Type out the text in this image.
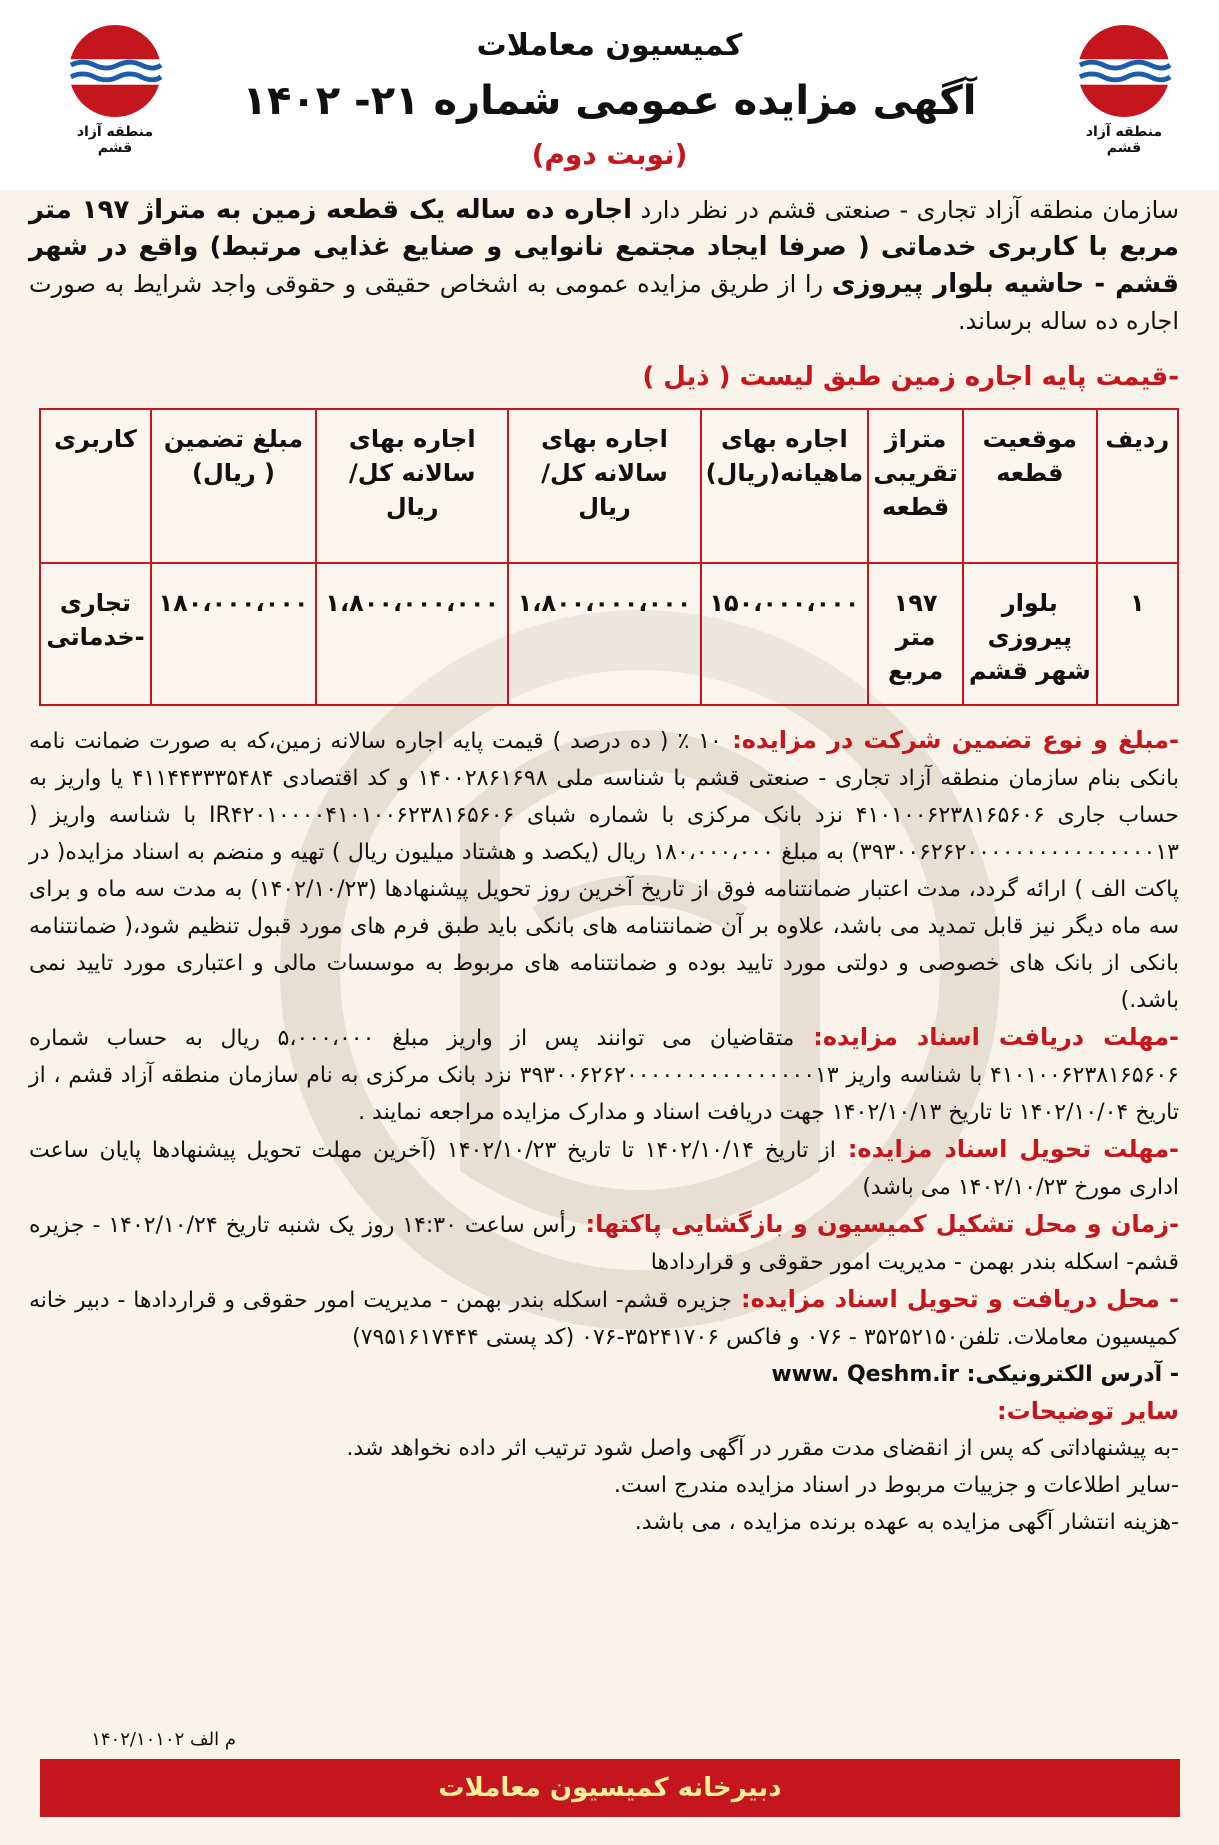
منطقه آزاد قشم
منطقه آزاد قشم
کمیسیون معاملات
آگهی مزایده عمومی شماره ۲۱- ۱۴۰۲
(نوبت دوم)
سازمان منطقه آزاد تجاری - صنعتی قشم در نظر دارد اجاره ده ساله یک قطعه زمین به متراژ ۱۹۷ متر مربع با کاربری خدماتی ( صرفا ایجاد مجتمع نانوایی و صنایع غذایی مرتبط) واقع در شهر قشم - حاشیه بلوار پیروزی را از طریق مزایده عمومی به اشخاص حقیقی و حقوقی واجد شرایط به صورت اجاره ده ساله برساند.
-قیمت پایه اجاره زمین طبق لیست ( ذیل )
ردیف	موقعیت قطعه	متراژ تقریبی قطعه	اجاره بهای ماهیانه(ریال)	اجاره بهای سالانه کل/ ریال	اجاره بهای سالانه کل/ ریال	مبلغ تضمین ( ریال)	کاربری
۱	بلوار پیروزی شهر قشم	۱۹۷ متر مربع	۱۵۰،۰۰۰،۰۰۰	۱،۸۰۰،۰۰۰،۰۰۰	۱،۸۰۰،۰۰۰،۰۰۰	۱۸۰،۰۰۰،۰۰۰	تجاری -خدماتی

-مبلغ و نوع تضمین شرکت در مزایده: ۱۰ ٪ ( ده درصد ) قیمت پایه اجاره سالانه زمین،که به صورت ضمانت نامه بانکی بنام سازمان منطقه آزاد تجاری - صنعتی قشم با شناسه ملی ۱۴۰۰۲۸۶۱۶۹۸ و کد اقتصادی ۴۱۱۴۴۳۳۳۵۴۸۴ یا واریز به حساب جاری ۴۱۰۱۰۰۶۲۳۸۱۶۵۶۰۶ نزد بانک مرکزی با شماره شبای IR۴۲۰۱۰۰۰۰۴۱۰۱۰۰۶۲۳۸۱۶۵۶۰۶ با شناسه واریز ( ۳۹۳۰۰۶۲۶۲۰۰۰۰۰۰۰۰۰۰۰۰۰۰۰۰۱۳) به مبلغ ۱۸۰،۰۰۰،۰۰۰ ریال (یکصد و هشتاد میلیون ریال ) تهیه و منضم به اسناد مزایده( در پاکت الف ) ارائه گردد، مدت اعتبار ضمانتنامه فوق از تاریخ آخرین روز تحویل پیشنهادها (۱۴۰۲/۱۰/۲۳) به مدت سه ماه و برای سه ماه دیگر نیز قابل تمدید می باشد، علاوه بر آن ضمانتنامه های بانکی باید طبق فرم های مورد قبول تنظیم شود،( ضمانتنامه بانکی از بانک های خصوصی و دولتی مورد تایید بوده و ضمانتنامه های مربوط به موسسات مالی و اعتباری مورد تایید نمی باشد.)

-مهلت دریافت اسناد مزایده: متقاضیان می توانند پس از واریز مبلغ ۵،۰۰۰،۰۰۰ ریال به حساب شماره ۴۱۰۱۰۰۶۲۳۸۱۶۵۶۰۶ با شناسه واریز ۳۹۳۰۰۶۲۶۲۰۰۰۰۰۰۰۰۰۰۰۰۰۰۰۰۱۳ نزد بانک مرکزی به نام سازمان منطقه آزاد قشم ، از تاریخ ۱۴۰۲/۱۰/۰۴ تا تاریخ ۱۴۰۲/۱۰/۱۳ جهت دریافت اسناد و مدارک مزایده مراجعه نمایند .

-مهلت تحویل اسناد مزایده: از تاریخ ۱۴۰۲/۱۰/۱۴ تا تاریخ ۱۴۰۲/۱۰/۲۳ (آخرین مهلت تحویل پیشنهادها پایان ساعت اداری مورخ ۱۴۰۲/۱۰/۲۳ می باشد)

-زمان و محل تشکیل کمیسیون و بازگشایی پاکتها: رأس ساعت ۱۴:۳۰ روز یک شنبه تاریخ ۱۴۰۲/۱۰/۲۴ - جزیره قشم- اسکله بندر بهمن - مدیریت امور حقوقی و قراردادها

- محل دریافت و تحویل اسناد مزایده: جزیره قشم- اسکله بندر بهمن - مدیریت امور حقوقی و قراردادها - دبیر خانه کمیسیون معاملات. تلفن۳۵۲۵۲۱۵۰ - ۰۷۶ و فاکس ۳۵۲۴۱۷۰۶-۰۷۶ (کد پستی ۷۹۵۱۶۱۷۴۴۴)

- آدرس الکترونیکی: www. Qeshm.ir

سایر توضیحات:

-به پیشنهاداتی که پس از انقضای مدت مقرر در آگهی واصل شود ترتیب اثر داده نخواهد شد.

-سایر اطلاعات و جزییات مربوط در اسناد مزایده مندرج است.

-هزینه انتشار آگهی مزایده به عهده برنده مزایده ، می باشد.

م الف ۱۴۰۲/۱۰۱۰۲
دبیرخانه کمیسیون معاملات
